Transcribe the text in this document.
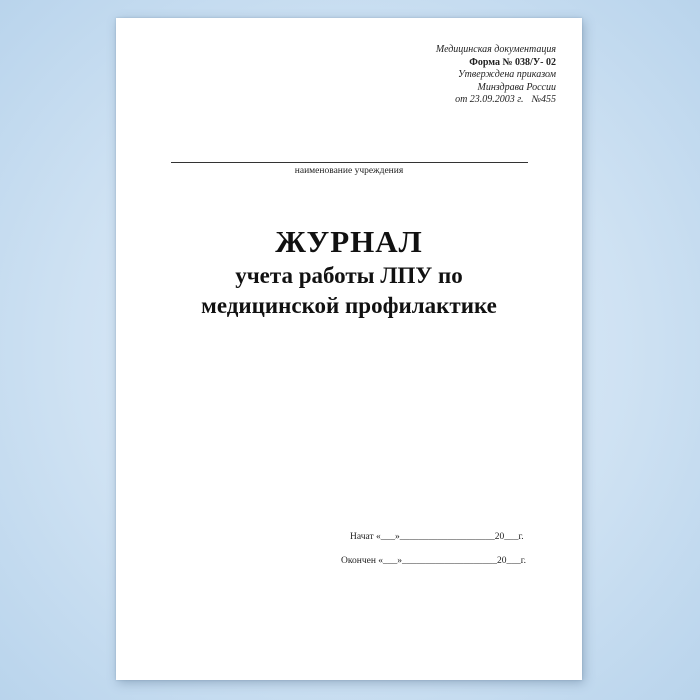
Медицинская документация
Форма № 038/У- 02
Утверждена приказом
Минздрава России
от 23.09.2003 г. №455
наименование учреждения
ЖУРНАЛ
учета работы ЛПУ по
медицинской профилактике
Начат «___»____________________20___г.
Окончен «___»____________________20___г.
